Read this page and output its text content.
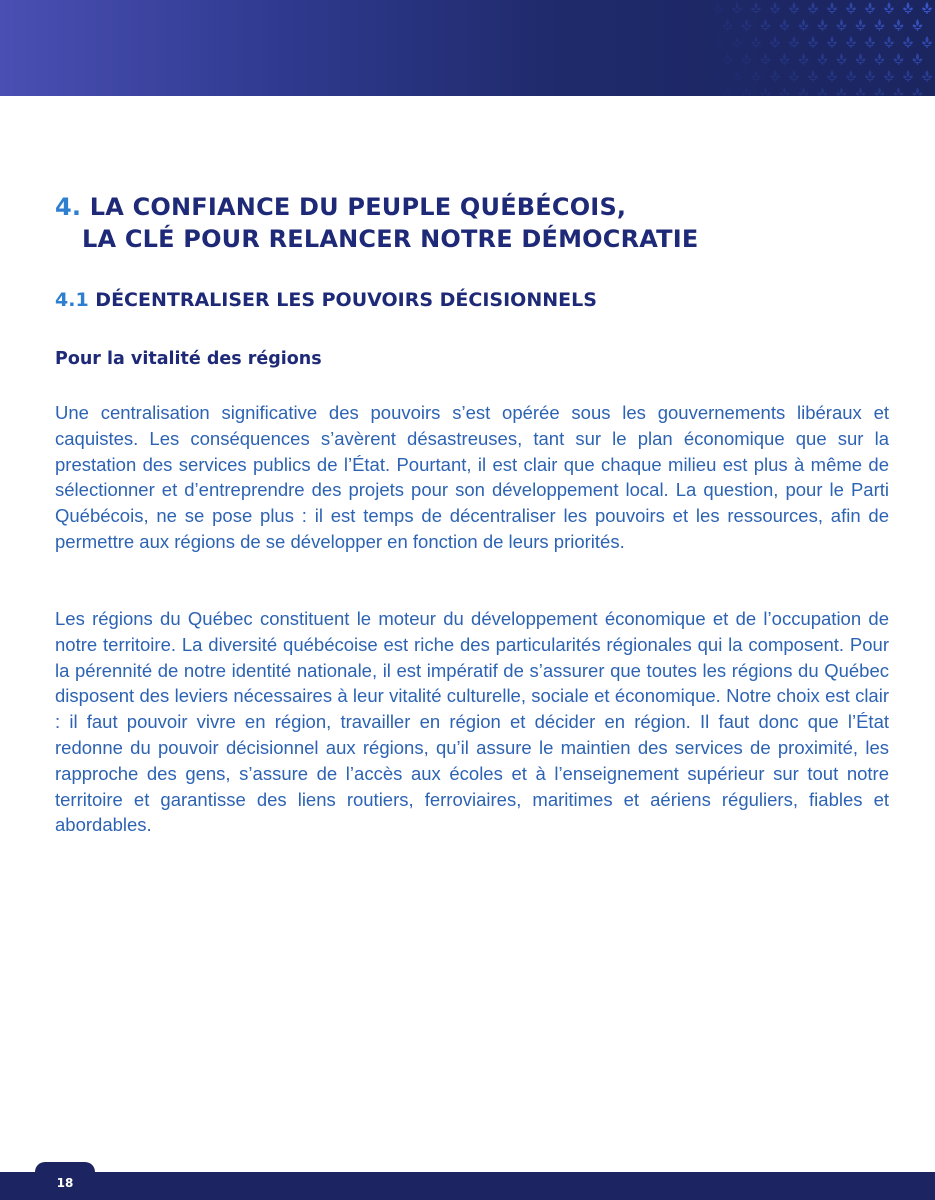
4. LA CONFIANCE DU PEUPLE QUÉBÉCOIS,
LA CLÉ POUR RELANCER NOTRE DÉMOCRATIE
4.1 DÉCENTRALISER LES POUVOIRS DÉCISIONNELS
Pour la vitalité des régions

Une centralisation significative des pouvoirs s’est opérée sous les gouvernements libéraux et caquistes. Les conséquences s’avèrent désastreuses, tant sur le plan économique que sur la prestation des services publics de l’État. Pourtant, il est clair que chaque milieu est plus à même de sélectionner et d’entreprendre des projets pour son développement local. La question, pour le Parti Québécois, ne se pose plus : il est temps de décentraliser les pouvoirs et les ressources, afin de permettre aux régions de se développer en fonction de leurs priorités.

Les régions du Québec constituent le moteur du développement économique et de l’occupation de notre territoire. La diversité québécoise est riche des particularités régionales qui la composent. Pour la pérennité de notre identité nationale, il est impératif de s’assurer que toutes les régions du Québec disposent des leviers nécessaires à leur vitalité culturelle, sociale et économique. Notre choix est clair : il faut pouvoir vivre en région, travailler en région et décider en région. Il faut donc que l’État redonne du pouvoir décisionnel aux régions, qu’il assure le maintien des services de proximité, les rapproche des gens, s’assure de l’accès aux écoles et à l’enseignement supérieur sur tout notre territoire et garantisse des liens routiers, ferroviaires, maritimes et aériens réguliers, fiables et abordables.

18
